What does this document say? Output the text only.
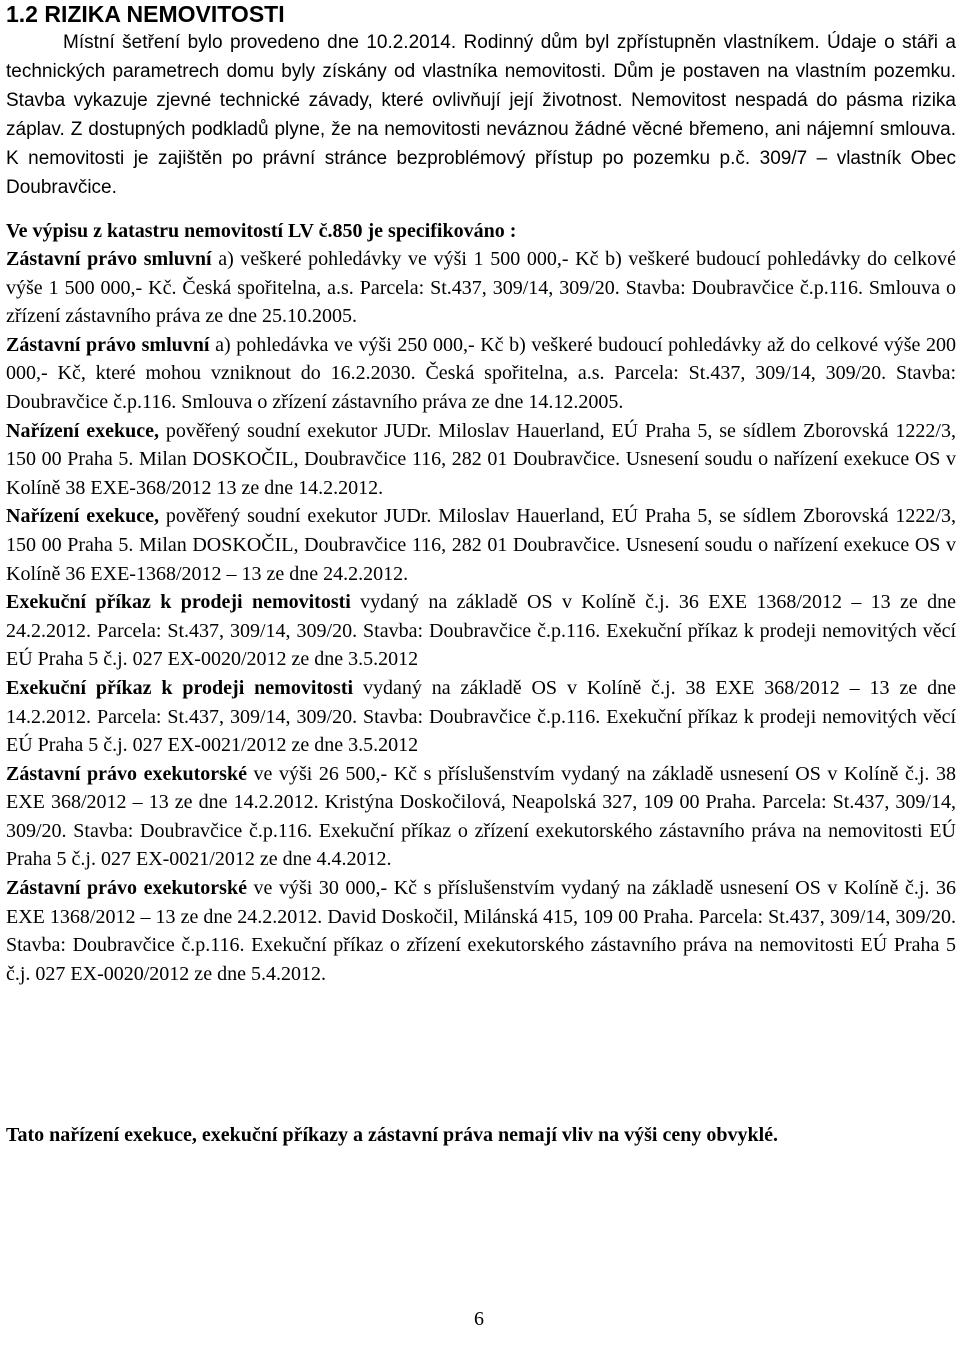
1.2 RIZIKA NEMOVITOSTI

Místní šetření bylo provedeno dne 10.2.2014. Rodinný dům byl zpřístupněn vlastníkem. Údaje o stáři a technických parametrech domu byly získány od vlastníka nemovitosti. Dům je postaven na vlastním pozemku. Stavba vykazuje zjevné technické závady, které ovlivňují její životnost. Nemovitost nespadá do pásma rizika záplav. Z dostupných podkladů plyne, že na nemovitosti neváznou žádné věcné břemeno, ani nájemní smlouva. K nemovitosti je zajištěn po právní stránce bezproblémový přístup po pozemku p.č. 309/7 – vlastník Obec Doubravčice.

Ve výpisu z katastru nemovitostí LV č.850 je specifikováno :

Zástavní právo smluvní a) veškeré pohledávky ve výši 1 500 000,- Kč b) veškeré budoucí pohledávky do celkové výše 1 500 000,- Kč. Česká spořitelna, a.s. Parcela: St.437, 309/14, 309/20. Stavba: Doubravčice č.p.116. Smlouva o zřízení zástavního práva ze dne 25.10.2005.

Zástavní právo smluvní a) pohledávka ve výši 250 000,- Kč b) veškeré budoucí pohledávky až do celkové výše 200 000,- Kč, které mohou vzniknout do 16.2.2030. Česká spořitelna, a.s. Parcela: St.437, 309/14, 309/20. Stavba: Doubravčice č.p.116. Smlouva o zřízení zástavního práva ze dne 14.12.2005.

Nařízení exekuce, pověřený soudní exekutor JUDr. Miloslav Hauerland, EÚ Praha 5, se sídlem Zborovská 1222/3, 150 00 Praha 5. Milan DOSKOČIL, Doubravčice 116, 282 01 Doubravčice. Usnesení soudu o nařízení exekuce OS v Kolíně 38 EXE-368/2012 13 ze dne 14.2.2012.

Nařízení exekuce, pověřený soudní exekutor JUDr. Miloslav Hauerland, EÚ Praha 5, se sídlem Zborovská 1222/3, 150 00 Praha 5. Milan DOSKOČIL, Doubravčice 116, 282 01 Doubravčice. Usnesení soudu o nařízení exekuce OS v Kolíně 36 EXE-1368/2012 – 13 ze dne 24.2.2012.

Exekuční příkaz k prodeji nemovitosti vydaný na základě OS v Kolíně č.j. 36 EXE 1368/2012 – 13 ze dne 24.2.2012. Parcela: St.437, 309/14, 309/20. Stavba: Doubravčice č.p.116. Exekuční příkaz k prodeji nemovitých věcí EÚ Praha 5 č.j. 027 EX-0020/2012 ze dne 3.5.2012

Exekuční příkaz k prodeji nemovitosti vydaný na základě OS v Kolíně č.j. 38 EXE 368/2012 – 13 ze dne 14.2.2012. Parcela: St.437, 309/14, 309/20. Stavba: Doubravčice č.p.116. Exekuční příkaz k prodeji nemovitých věcí EÚ Praha 5 č.j. 027 EX-0021/2012 ze dne 3.5.2012

Zástavní právo exekutorské ve výši 26 500,- Kč s příslušenstvím vydaný na základě usnesení OS v Kolíně č.j. 38 EXE 368/2012 – 13 ze dne 14.2.2012. Kristýna Doskočilová, Neapolská 327, 109 00 Praha. Parcela: St.437, 309/14, 309/20. Stavba: Doubravčice č.p.116. Exekuční příkaz o zřízení exekutorského zástavního práva na nemovitosti EÚ Praha 5 č.j. 027 EX-0021/2012 ze dne 4.4.2012.

Zástavní právo exekutorské ve výši 30 000,- Kč s příslušenstvím vydaný na základě usnesení OS v Kolíně č.j. 36 EXE 1368/2012 – 13 ze dne 24.2.2012. David Doskočil, Milánská 415, 109 00 Praha. Parcela: St.437, 309/14, 309/20. Stavba: Doubravčice č.p.116. Exekuční příkaz o zřízení exekutorského zástavního práva na nemovitosti EÚ Praha 5 č.j. 027 EX-0020/2012 ze dne 5.4.2012.

Tato nařízení exekuce, exekuční příkazy a zástavní práva nemají vliv na výši ceny obvyklé.
6
